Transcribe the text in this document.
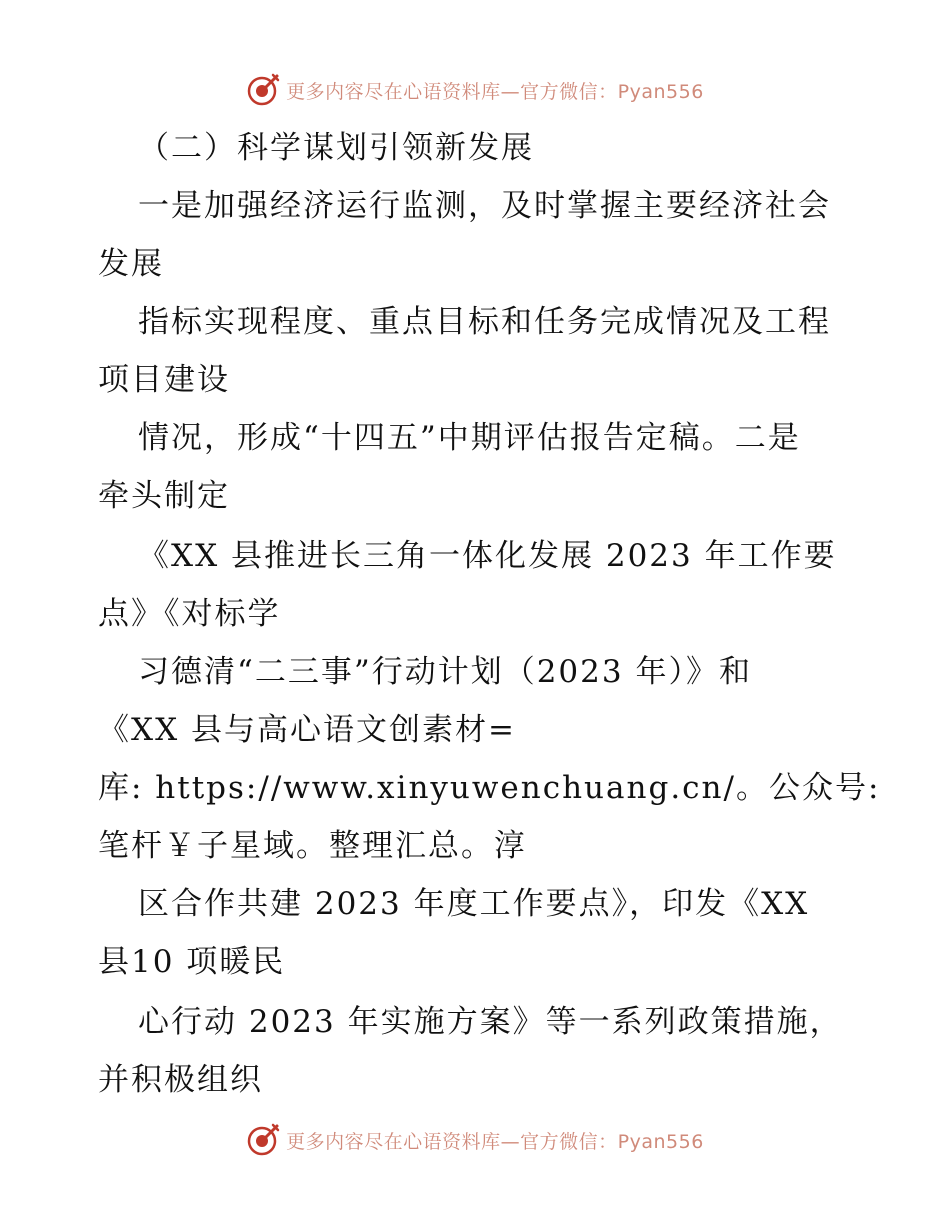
更多内容尽在心语资料库—官方微信：Pyan556
（二）科学谋划引领新发展
一是加强经济运行监测，及时掌握主要经济社会
发展
指标实现程度、重点目标和任务完成情况及工程
项目建设
情况，形成“十四五”中期评估报告定稿。二是
牵头制定
《XX 县推进长三角一体化发展 2023 年工作要
点》《对标学
习德清“二三事”行动计划（2023 年）》和
《XX 县与高心语文创素材=
库: https://www.xinyuwenchuang.cn/。公众号:
笔杆￥子星域。整理汇总。淳
区合作共建 2023 年度工作要点》，印发《XX
县10 项暖民
心行动 2023 年实施方案》等一系列政策措施，
并积极组织
更多内容尽在心语资料库—官方微信：Pyan556
